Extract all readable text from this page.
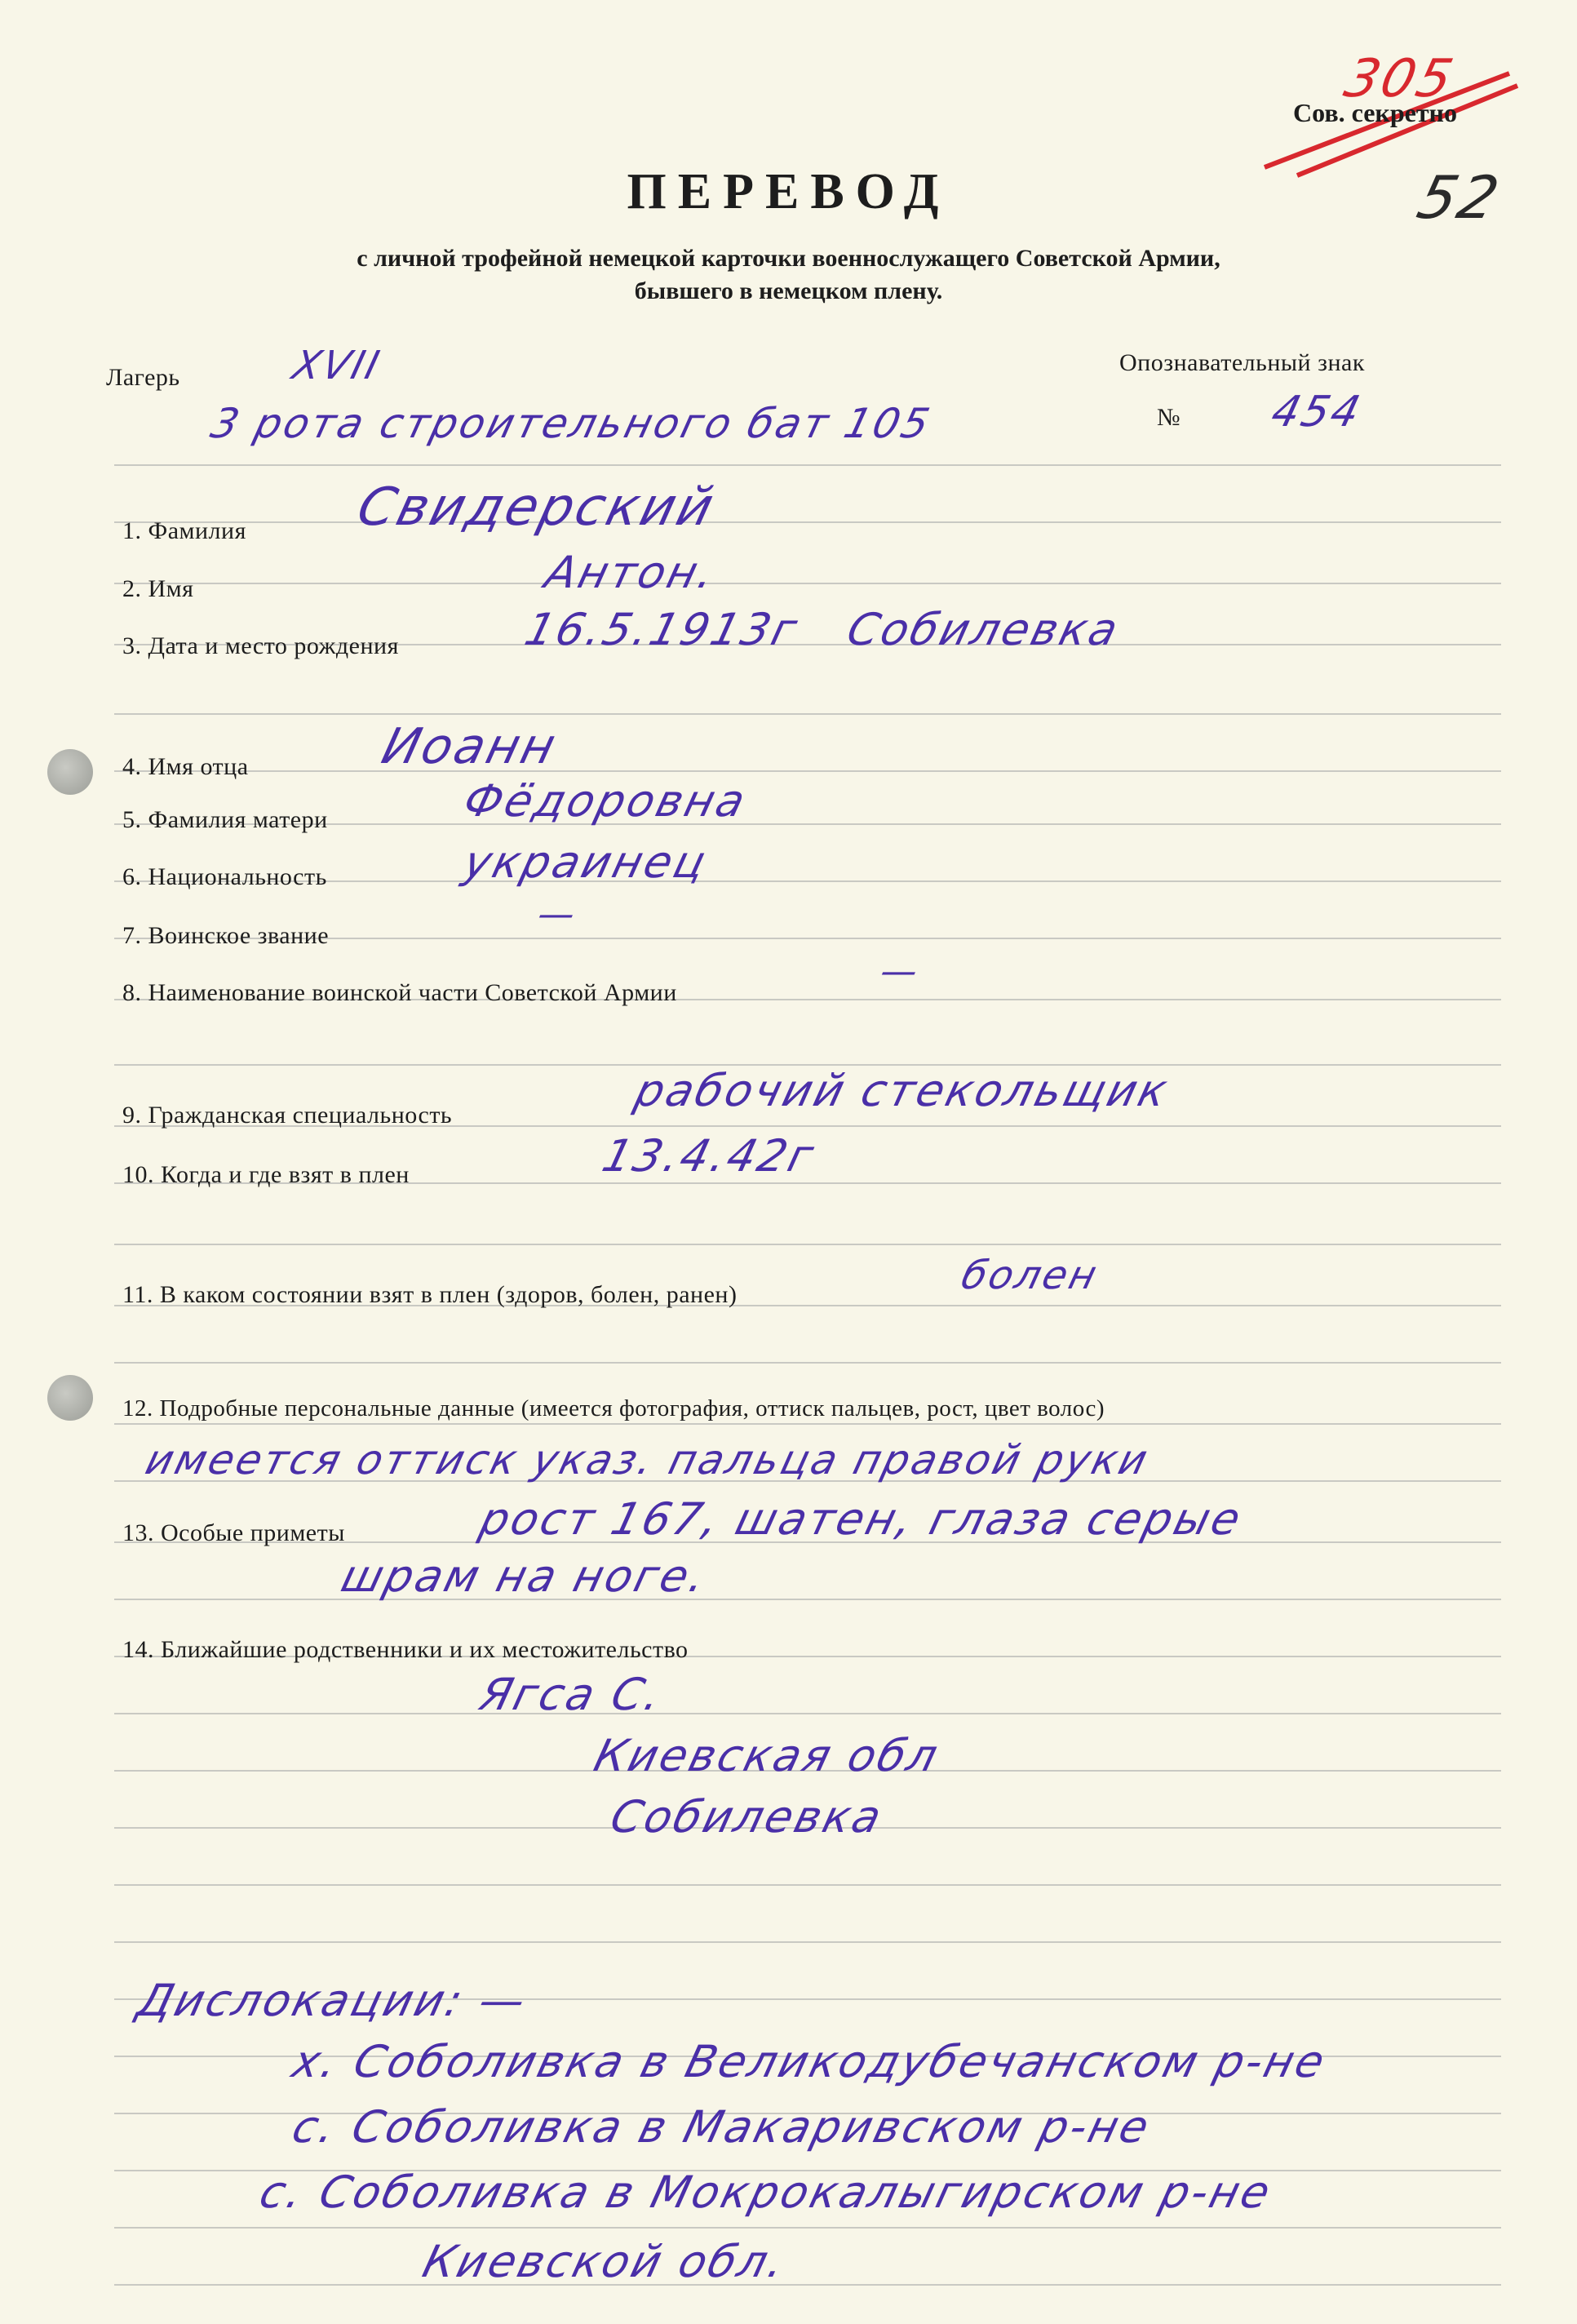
Сов. секретно
305
52
ПЕРЕВОД
с личной трофейной немецкой карточки военнослужащего Советской Армии,
бывшего в немецком плену.
Лагерь	XVII
3 рота строительного бат 105
Опознавательный знак
№ 454
1. Фамилия Свидерский
2. Имя	Антон.
3. Дата и место рождения	16.5.1913г Собилевка
4. Имя отца	Иоанн
5. Фамилия матери	Фёдоровна
6. Национальность	украинец
7. Воинское звание
—
8. Наименование воинской части Советской Армии
—
9. Гражданская специальность	рабочий стекольщик
10. Когда и где взят в плен	13.4.42г
11. В каком состоянии взят в плен (здоров, болен, ранен)	болен
12. Подробные персональные данные (имеется фотография, оттиск пальцев, рост, цвет волос)
имеется оттиск указ. пальца правой руки
13. Особые приметы	рост 167, шатен, глаза серые
шрам на ноге.
14. Ближайшие родственники и их местожительство
Ягса С.
Киевская обл
Собилевка
Дислокации: —
х. Соболивка в Великодубечанском р-не
с. Соболивка в Макаривском р-не
с. Соболивка в Мокрокалыгирском р-не
Киевской обл.
